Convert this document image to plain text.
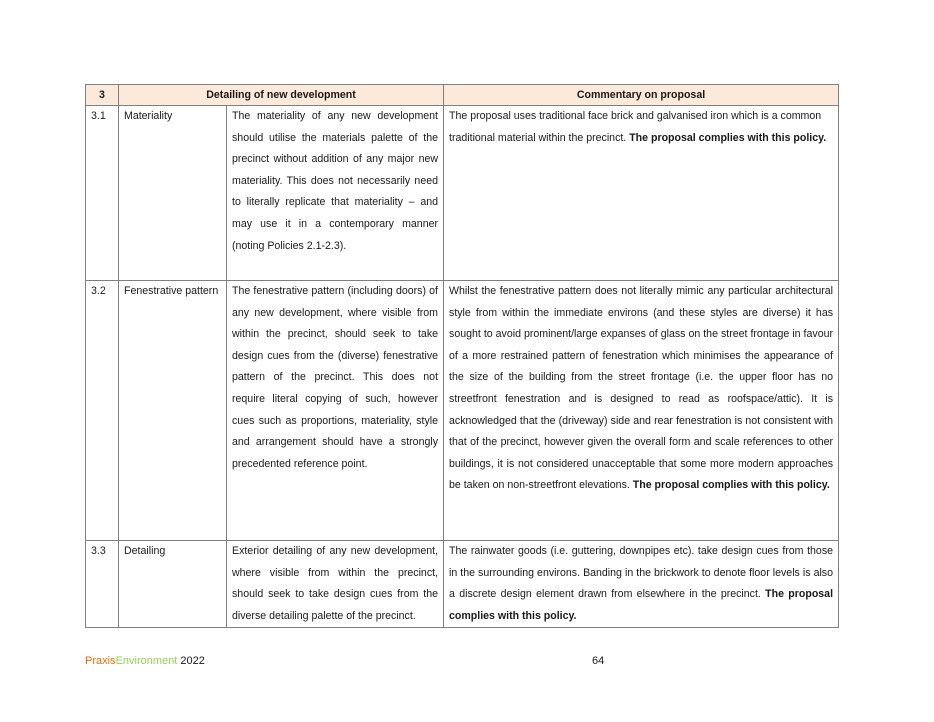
3	Detailing of new development		Commentary on proposal
3.1	Materiality	The materiality of any new development should utilise the materials palette of the precinct without addition of any major new materiality. This does not necessarily need to literally replicate that materiality – and may use it in a contemporary manner (noting Policies 2.1-2.3).	The proposal uses traditional face brick and galvanised iron which is a common traditional material within the precinct. The proposal complies with this policy.
3.2	Fenestrative pattern	The fenestrative pattern (including doors) of any new development, where visible from within the precinct, should seek to take design cues from the (diverse) fenestrative pattern of the precinct. This does not require literal copying of such, however cues such as proportions, materiality, style and arrangement should have a strongly precedented reference point.	Whilst the fenestrative pattern does not literally mimic any particular architectural style from within the immediate environs (and these styles are diverse) it has sought to avoid prominent/large expanses of glass on the street frontage in favour of a more restrained pattern of fenestration which minimises the appearance of the size of the building from the street frontage (i.e. the upper floor has no streetfront fenestration and is designed to read as roofspace/attic). It is acknowledged that the (driveway) side and rear fenestration is not consistent with that of the precinct, however given the overall form and scale references to other buildings, it is not considered unacceptable that some more modern approaches be taken on non-streetfront elevations. The proposal complies with this policy.
3.3	Detailing	Exterior detailing of any new development, where visible from within the precinct, should seek to take design cues from the diverse detailing palette of the precinct.	The rainwater goods (i.e. guttering, downpipes etc). take design cues from those in the surrounding environs. Banding in the brickwork to denote floor levels is also a discrete design element drawn from elsewhere in the precinct. The proposal complies with this policy.
PraxisEnvironment 2022	64
